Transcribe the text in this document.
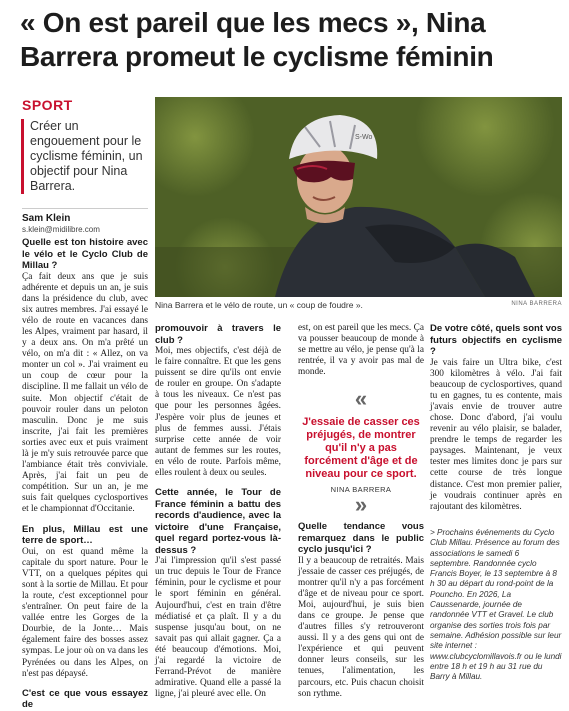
« On est pareil que les mecs », Nina Barrera promeut le cyclisme féminin
SPORT
Créer un engouement pour le cyclisme féminin, un objectif pour Nina Barrera.
Sam Klein
s.klein@midilibre.com
S-Wo
Nina Barrera et le vélo de route, un « coup de foudre ».	NINA BARRERA

Quelle est ton histoire avec le vélo et le Cyclo Club de Millau ?

Ça fait deux ans que je suis adhérente et depuis un an, je suis dans la présidence du club, avec six autres membres. J'ai essayé le vélo de route en vacances dans les Alpes, vraiment par hasard, il y a deux ans. On m'a prêté un vélo, on m'a dit : « Allez, on va monter un col ». J'ai vraiment eu un coup de cœur pour la discipline. Il me fallait un vélo de suite. Mon objectif c'était de pouvoir rouler dans un peloton masculin. Donc je me suis inscrite, j'ai fait les premières sorties avec eux et puis vraiment là je m'y suis retrouvée parce que l'ambiance était très conviviale. Après, j'ai fait un peu de compétition. Sur un an, je me suis fait quelques cyclosportives et le championnat d'Occitanie.

En plus, Millau est une terre de sport…

Oui, on est quand même la capitale du sport nature. Pour le VTT, on a quelques pépites qui sont à la sortie de Millau. Et pour la route, c'est exceptionnel pour s'entraîner. On peut faire de la vallée entre les Gorges de la Dourbie, de la Jonte… Mais également faire des bosses assez sympas. Le jour où on va dans les Pyrénées ou dans les Alpes, on n'est pas dépaysé.

C'est ce que vous essayez de

promouvoir à travers le club ?

Moi, mes objectifs, c'est déjà de le faire connaître. Et que les gens puissent se dire qu'ils ont envie de rouler en groupe. On s'adapte à tous les niveaux. Ce n'est pas que pour les personnes âgées. J'espère voir plus de jeunes et plus de femmes aussi. J'étais surprise cette année de voir autant de femmes sur les routes, en vélo de route. Parfois même, elles roulent à deux ou seules.

Cette année, le Tour de France féminin a battu des records d'audience, avec la victoire d'une Française, quel regard portez-vous là-dessus ?

J'ai l'impression qu'il s'est passé un truc depuis le Tour de France féminin, pour le cyclisme et pour le sport féminin en général. Aujourd'hui, c'est en train d'être médiatisé et ça plaît. Il y a du suspense jusqu'au bout, on ne savait pas qui allait gagner. Ça a été beaucoup d'émotions. Moi, j'ai regardé la victoire de Ferrand-Prévot de manière admirative. Quand elle a passé la ligne, j'ai pleuré avec elle. On

est, on est pareil que les mecs. Ça va pousser beaucoup de monde à se mettre au vélo, je pense qu'à la rentrée, il va y avoir pas mal de monde.

«
J'essaie de casser ces préjugés, de montrer qu'il n'y a pas forcément d'âge et de niveau pour ce sport.
NINA BARRERA
»

Quelle tendance vous remarquez dans le public cyclo jusqu'ici ?

Il y a beaucoup de retraités. Mais j'essaie de casser ces préjugés, de montrer qu'il n'y a pas forcément d'âge et de niveau pour ce sport. Moi, aujourd'hui, je suis bien dans ce groupe. Je pense que d'autres filles s'y retrouveront aussi. Il y a des gens qui ont de l'expérience et qui peuvent donner leurs conseils, sur les tenues, l'alimentation, les parcours, etc. Puis chacun choisit son rythme.

De votre côté, quels sont vos futurs objectifs en cyclisme ?

Je vais faire un Ultra bike, c'est 300 kilomètres à vélo. J'ai fait beaucoup de cyclosportives, quand tu en gagnes, tu es contente, mais j'avais envie de trouver autre chose. Donc d'abord, j'ai voulu revenir au vélo plaisir, se balader, prendre le temps de regarder les paysages. Maintenant, je veux tester mes limites donc je pars sur cette course de très longue distance. C'est mon premier palier, je voudrais continuer après en rajoutant des kilomètres.

> Prochains événements du Cyclo Club Millau. Présence au forum des associations le samedi 6 septembre. Randonnée cyclo Francis Boyer, le 13 septembre à 8 h 30 au départ du rond-point de la Pouncho. En 2026, La Caussenarde, journée de randonnée VTT et Gravel. Le club organise des sorties trois fois par semaine. Adhésion possible sur leur site internet : www.clubcyclomillavois.fr ou le lundi entre 18 h et 19 h au 31 rue du Barry à Millau.
